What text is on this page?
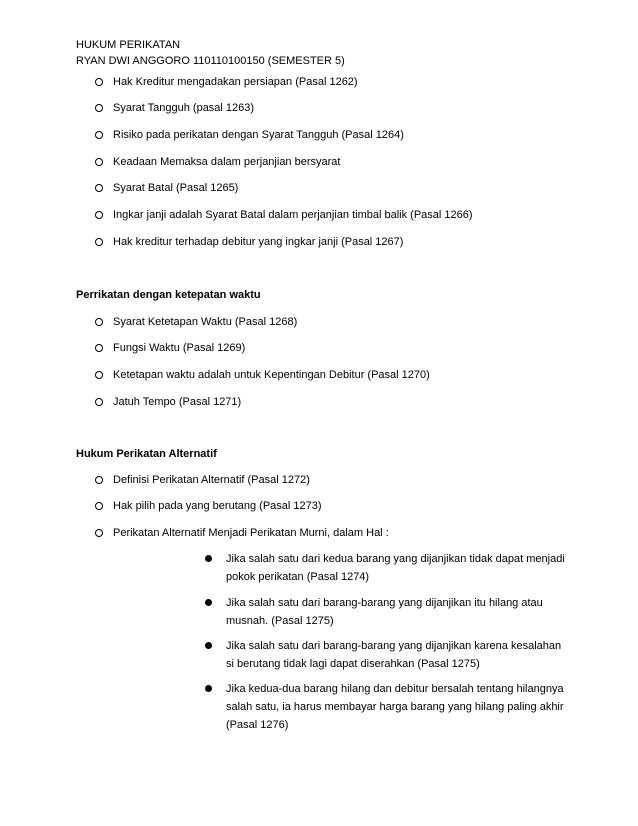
HUKUM PERIKATAN
RYAN DWI ANGGORO 110110100150 (SEMESTER 5)
Hak Kreditur mengadakan persiapan (Pasal 1262)
Syarat Tangguh (pasal 1263)
Risiko pada perikatan dengan Syarat Tangguh (Pasal 1264)
Keadaan Memaksa dalam perjanjian bersyarat
Syarat Batal (Pasal 1265)
Ingkar janji adalah Syarat Batal dalam perjanjian timbal balik (Pasal 1266)
Hak kreditur terhadap debitur yang ingkar janji (Pasal 1267)
Perrikatan dengan ketepatan waktu
Syarat Ketetapan Waktu (Pasal 1268)
Fungsi Waktu (Pasal 1269)
Ketetapan waktu adalah untuk Kepentingan Debitur (Pasal 1270)
Jatuh Tempo (Pasal 1271)
Hukum Perikatan Alternatif
Definisi Perikatan Alternatif (Pasal 1272)
Hak pilih pada yang berutang (Pasal 1273)
Perikatan Alternatif Menjadi Perikatan Murni, dalam Hal :
Jika salah satu dari kedua barang yang dijanjikan tidak dapat menjadi pokok perikatan (Pasal 1274)
Jika salah satu dari barang-barang yang dijanjikan itu hilang atau musnah. (Pasal 1275)
Jika salah satu dari barang-barang yang dijanjikan karena kesalahan si berutang tidak lagi dapat diserahkan (Pasal 1275)
Jika kedua-dua barang hilang dan debitur bersalah tentang hilangnya salah satu, ia harus membayar harga barang yang hilang paling akhir (Pasal 1276)
